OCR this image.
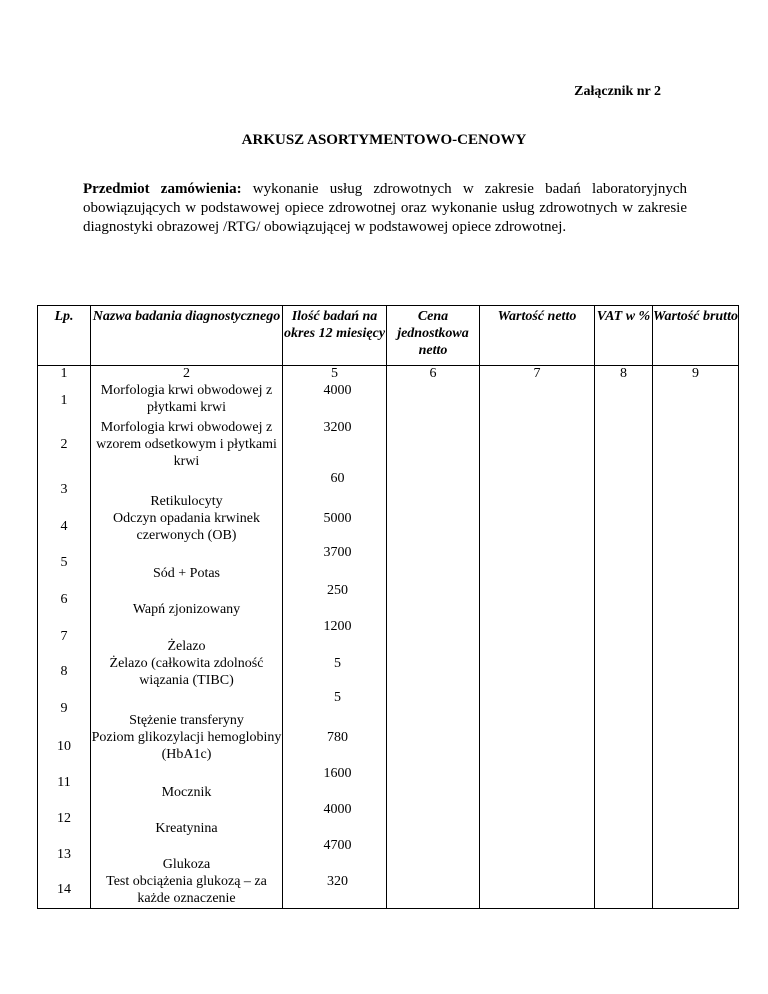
Załącznik nr 2
ARKUSZ ASORTYMENTOWO-CENOWY
Przedmiot zamówienia: wykonanie usług zdrowotnych w zakresie badań laboratoryjnych obowiązujących w podstawowej opiece zdrowotnej oraz wykonanie usług zdrowotnych w zakresie diagnostyki obrazowej /RTG/ obowiązującej w podstawowej opiece zdrowotnej.
Lp.	Nazwa badania diagnostycznego	Ilość badań na okres 12 miesięcy	Cena jednostkowa netto	Wartość netto	VAT w %	Wartość brutto
1	2	5	6	7	8	9
1	Morfologia krwi obwodowej z płytkami krwi	4000				
2	Morfologia krwi obwodowej z wzorem odsetkowym i płytkami krwi	3200				
3	Retikulocyty	60				
4	Odczyn opadania krwinek czerwonych (OB)	5000				
5	Sód + Potas	3700				
6	Wapń zjonizowany	250				
7	Żelazo	1200				
8	Żelazo (całkowita zdolność wiązania (TIBC)	5				
9	Stężenie transferyny	5				
10	Poziom glikozylacji hemoglobiny (HbA1c)	780				
11	Mocznik	1600				
12	Kreatynina	4000				
13	Glukoza	4700				
14	Test obciążenia glukozą – za każde oznaczenie	320				
